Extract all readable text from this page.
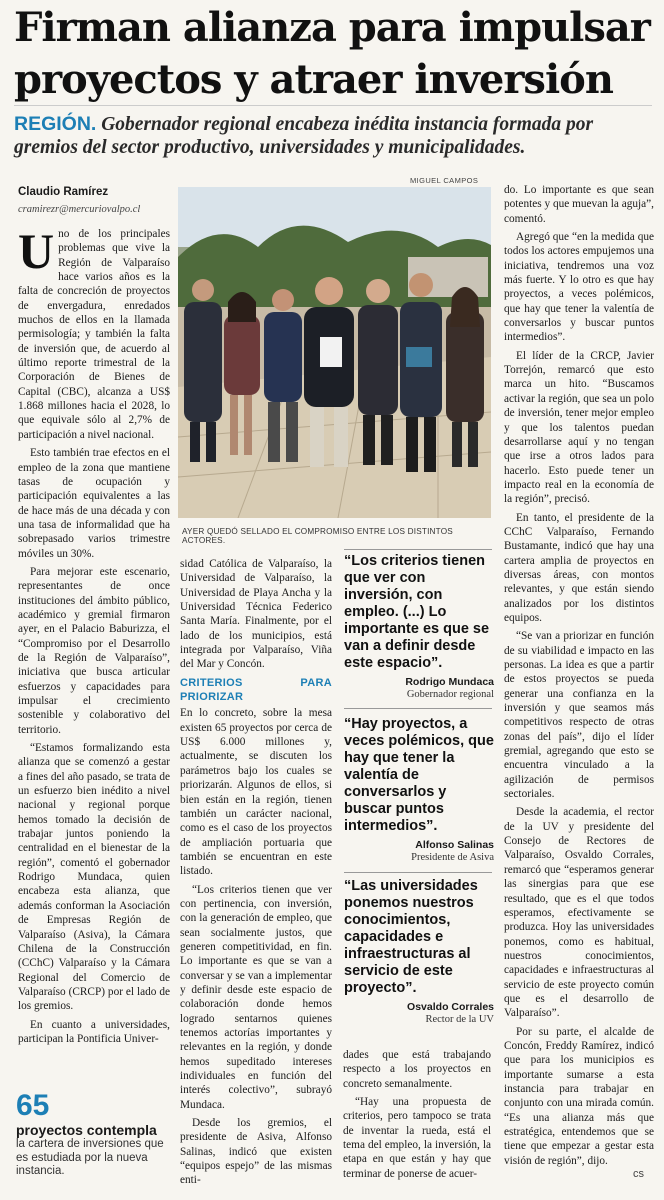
Firman alianza para impulsar
proyectos y atraer inversión

REGIÓN. Gobernador regional encabeza inédita instancia formada por gremios del sector productivo, universidades y municipalidades.

Claudio Ramírez
cramirezr@mercuriovalpo.cl
MIGUEL CAMPOS
AYER QUEDÓ SELLADO EL COMPROMISO ENTRE LOS DISTINTOS ACTORES.

Uno de los principales problemas que vive la Región de Valparaíso hace varios años es la falta de concreción de proyectos de envergadura, enredados muchos de ellos en la llamada permisología; y también la falta de inversión que, de acuerdo al último reporte trimestral de la Corporación de Bienes de Capital (CBC), alcanza a US$ 1.868 millones hacia el 2028, lo que equivale sólo al 2,7% de participación a nivel nacional.

Esto también trae efectos en el empleo de la zona que mantiene tasas de ocupación y participación equivalentes a las de hace más de una década y con una tasa de informalidad que ha sobrepasado varios trimestre móviles un 30%.

Para mejorar este escenario, representantes de once instituciones del ámbito público, académico y gremial firmaron ayer, en el Palacio Baburizza, el “Compromiso por el Desarrollo de la Región de Valparaíso”, iniciativa que busca articular esfuerzos y capacidades para impulsar el crecimiento sostenible y colaborativo del territorio.

“Estamos formalizando esta alianza que se comenzó a gestar a fines del año pasado, se trata de un esfuerzo bien inédito a nivel nacional y regional porque hemos tomado la decisión de trabajar juntos poniendo la centralidad en el bienestar de la región”, comentó el gobernador Rodrigo Mundaca, quien encabeza esta alianza, que además conforman la Asociación de Empresas Región de Valparaíso (Asiva), la Cámara Chilena de la Construcción (CChC) Valparaíso y la Cámara Regional del Comercio de Valparaíso (CRCP) por el lado de los gremios.

En cuanto a universidades, participan la Pontificia Univer-

65
proyectos contempla
la cartera de inversiones que es estudiada por la nueva instancia.

sidad Católica de Valparaíso, la Universidad de Valparaíso, la Universidad de Playa Ancha y la Universidad Técnica Federico Santa María. Finalmente, por el lado de los municipios, está integrada por Valparaíso, Viña del Mar y Concón.

CRITERIOS PARA PRIORIZAR

En lo concreto, sobre la mesa existen 65 proyectos por cerca de US$ 6.000 millones y, actualmente, se discuten los parámetros bajo los cuales se priorizarán. Algunos de ellos, si bien están en la región, tienen también un carácter nacional, como es el caso de los proyectos de ampliación portuaria que también se encuentran en este listado.

“Los criterios tienen que ver con pertinencia, con inversión, con la generación de empleo, que sean socialmente justos, que generen competitividad, en fin. Lo importante es que se van a conversar y se van a implementar y definir desde este espacio de colaboración donde hemos logrado sentarnos quienes tenemos actorías importantes y relevantes en la región, y donde hemos supeditado intereses individuales en función del interés colectivo”, subrayó Mundaca.

Desde los gremios, el presidente de Asiva, Alfonso Salinas, indicó que existen “equipos espejo” de las mismas enti-

“Los criterios tienen que ver con inversión, con empleo. (...) Lo importante es que se van a definir desde este espacio”.

Rodrigo Mundaca

Gobernador regional

“Hay proyectos, a veces polémicos, que hay que tener la valentía de conversarlos y buscar puntos intermedios”.

Alfonso Salinas

Presidente de Asiva

“Las universidades ponemos nuestros conocimientos, capacidades e infraestructuras al servicio de este proyecto”.

Osvaldo Corrales

Rector de la UV

dades que está trabajando respecto a los proyectos en concreto semanalmente.

“Hay una propuesta de criterios, pero tampoco se trata de inventar la rueda, está el tema del empleo, la inversión, la etapa en que están y hay que terminar de ponerse de acuer-

do. Lo importante es que sean potentes y que muevan la aguja”, comentó.

Agregó que “en la medida que todos los actores empujemos una iniciativa, tendremos una voz más fuerte. Y lo otro es que hay proyectos, a veces polémicos, que hay que tener la valentía de conversarlos y buscar puntos intermedios”.

El líder de la CRCP, Javier Torrejón, remarcó que esto marca un hito. “Buscamos activar la región, que sea un polo de inversión, tener mejor empleo y que los talentos puedan desarrollarse aquí y no tengan que irse a otros lados para hacerlo. Esto puede tener un impacto real en la economía de la región”, precisó.

En tanto, el presidente de la CChC Valparaíso, Fernando Bustamante, indicó que hay una cartera amplia de proyectos en diversas áreas, con montos relevantes, y que están siendo analizados por los distintos equipos.

“Se van a priorizar en función de su viabilidad e impacto en las personas. La idea es que a partir de estos proyectos se pueda generar una confianza en la inversión y que seamos más competitivos respecto de otras zonas del país”, dijo el líder gremial, agregando que esto se encuentra vinculado a la agilización de permisos sectoriales.

Desde la academia, el rector de la UV y presidente del Consejo de Rectores de Valparaíso, Osvaldo Corrales, remarcó que “esperamos generar las sinergias para que ese resultado, que es el que todos esperamos, efectivamente se produzca. Hoy las universidades ponemos, como es habitual, nuestros conocimientos, capacidades e infraestructuras al servicio de este proyecto común que es el desarrollo de Valparaíso”.

Por su parte, el alcalde de Concón, Freddy Ramírez, indicó que para los municipios es importante sumarse a esta instancia para trabajar en conjunto con una mirada común. “Es una alianza más que estratégica, entendemos que se tiene que empezar a gestar esta visión de región”, dijo.

cs
